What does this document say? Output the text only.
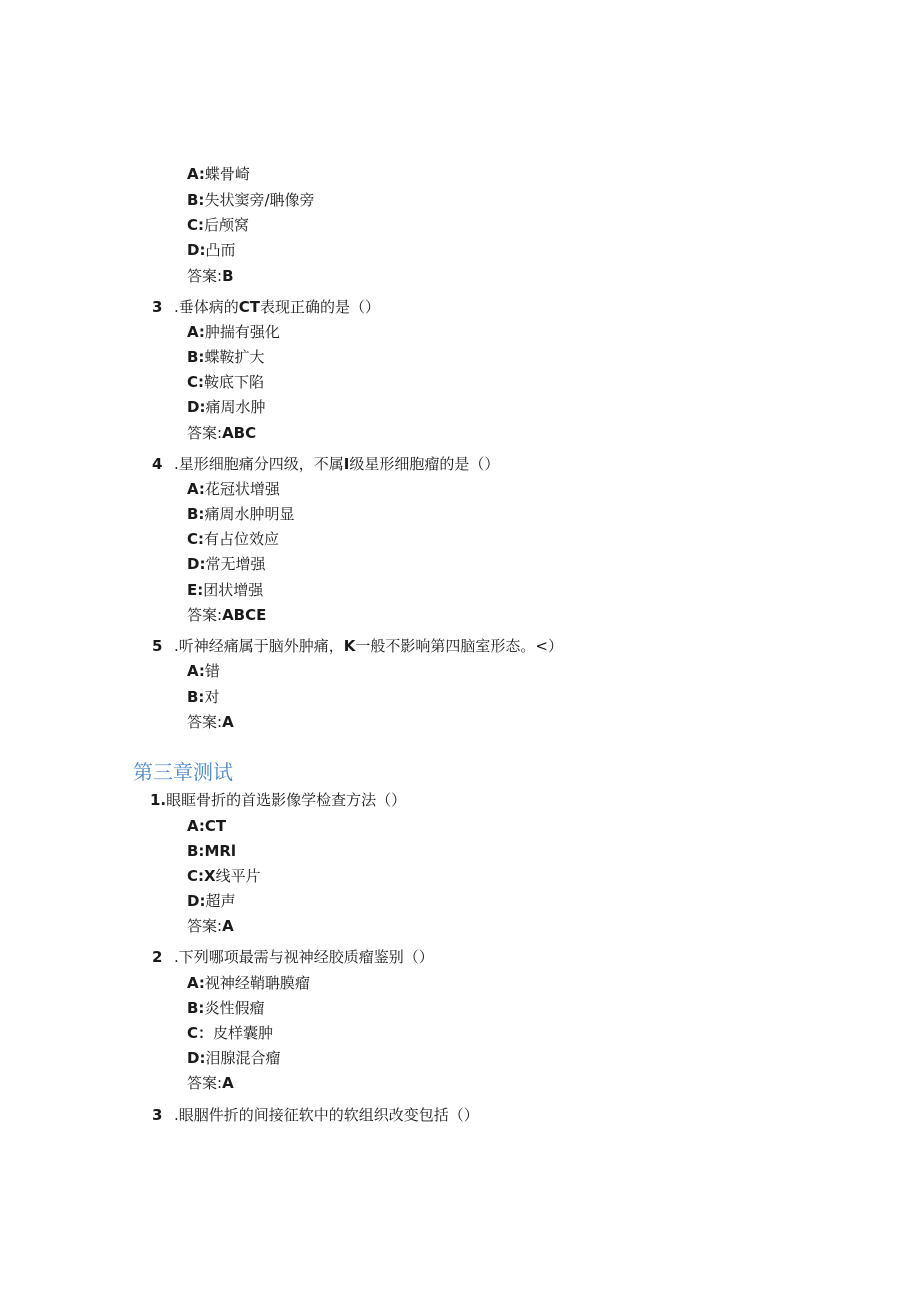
A:蝶骨崎
B:失状窦旁/聃像旁
C:后颅窝
D:凸而
答案:B
3 .垂体病的CT表现正确的是（）
A:肿揣有强化
B:蝶鞍扩大
C:鞍底下陷
D:痛周水肿
答案:ABC
4 .星形细胞痛分四级，不属I级星形细胞瘤的是（）
A:花冠状增强
B:痛周水肿明显
C:有占位效应
D:常无增强
E:团状增强
答案:ABCE
5 .听神经痛属于脑外肿痛，K一般不影响第四脑室形态。<）
A:错
B:对
答案:A
第三章测试
1.眼眶骨折的首选影像学检查方法（）
A:CT
B:MRl
C:X线平片
D:超声
答案:A
2 .下列哪项最需与视神经胶质瘤鉴别（）
A:视神经鞘聃膜瘤
B:炎性假瘤
C：皮样囊肿
D:泪腺混合瘤
答案:A
3 .眼胭件折的间接征软中的软组织改变包括（）
